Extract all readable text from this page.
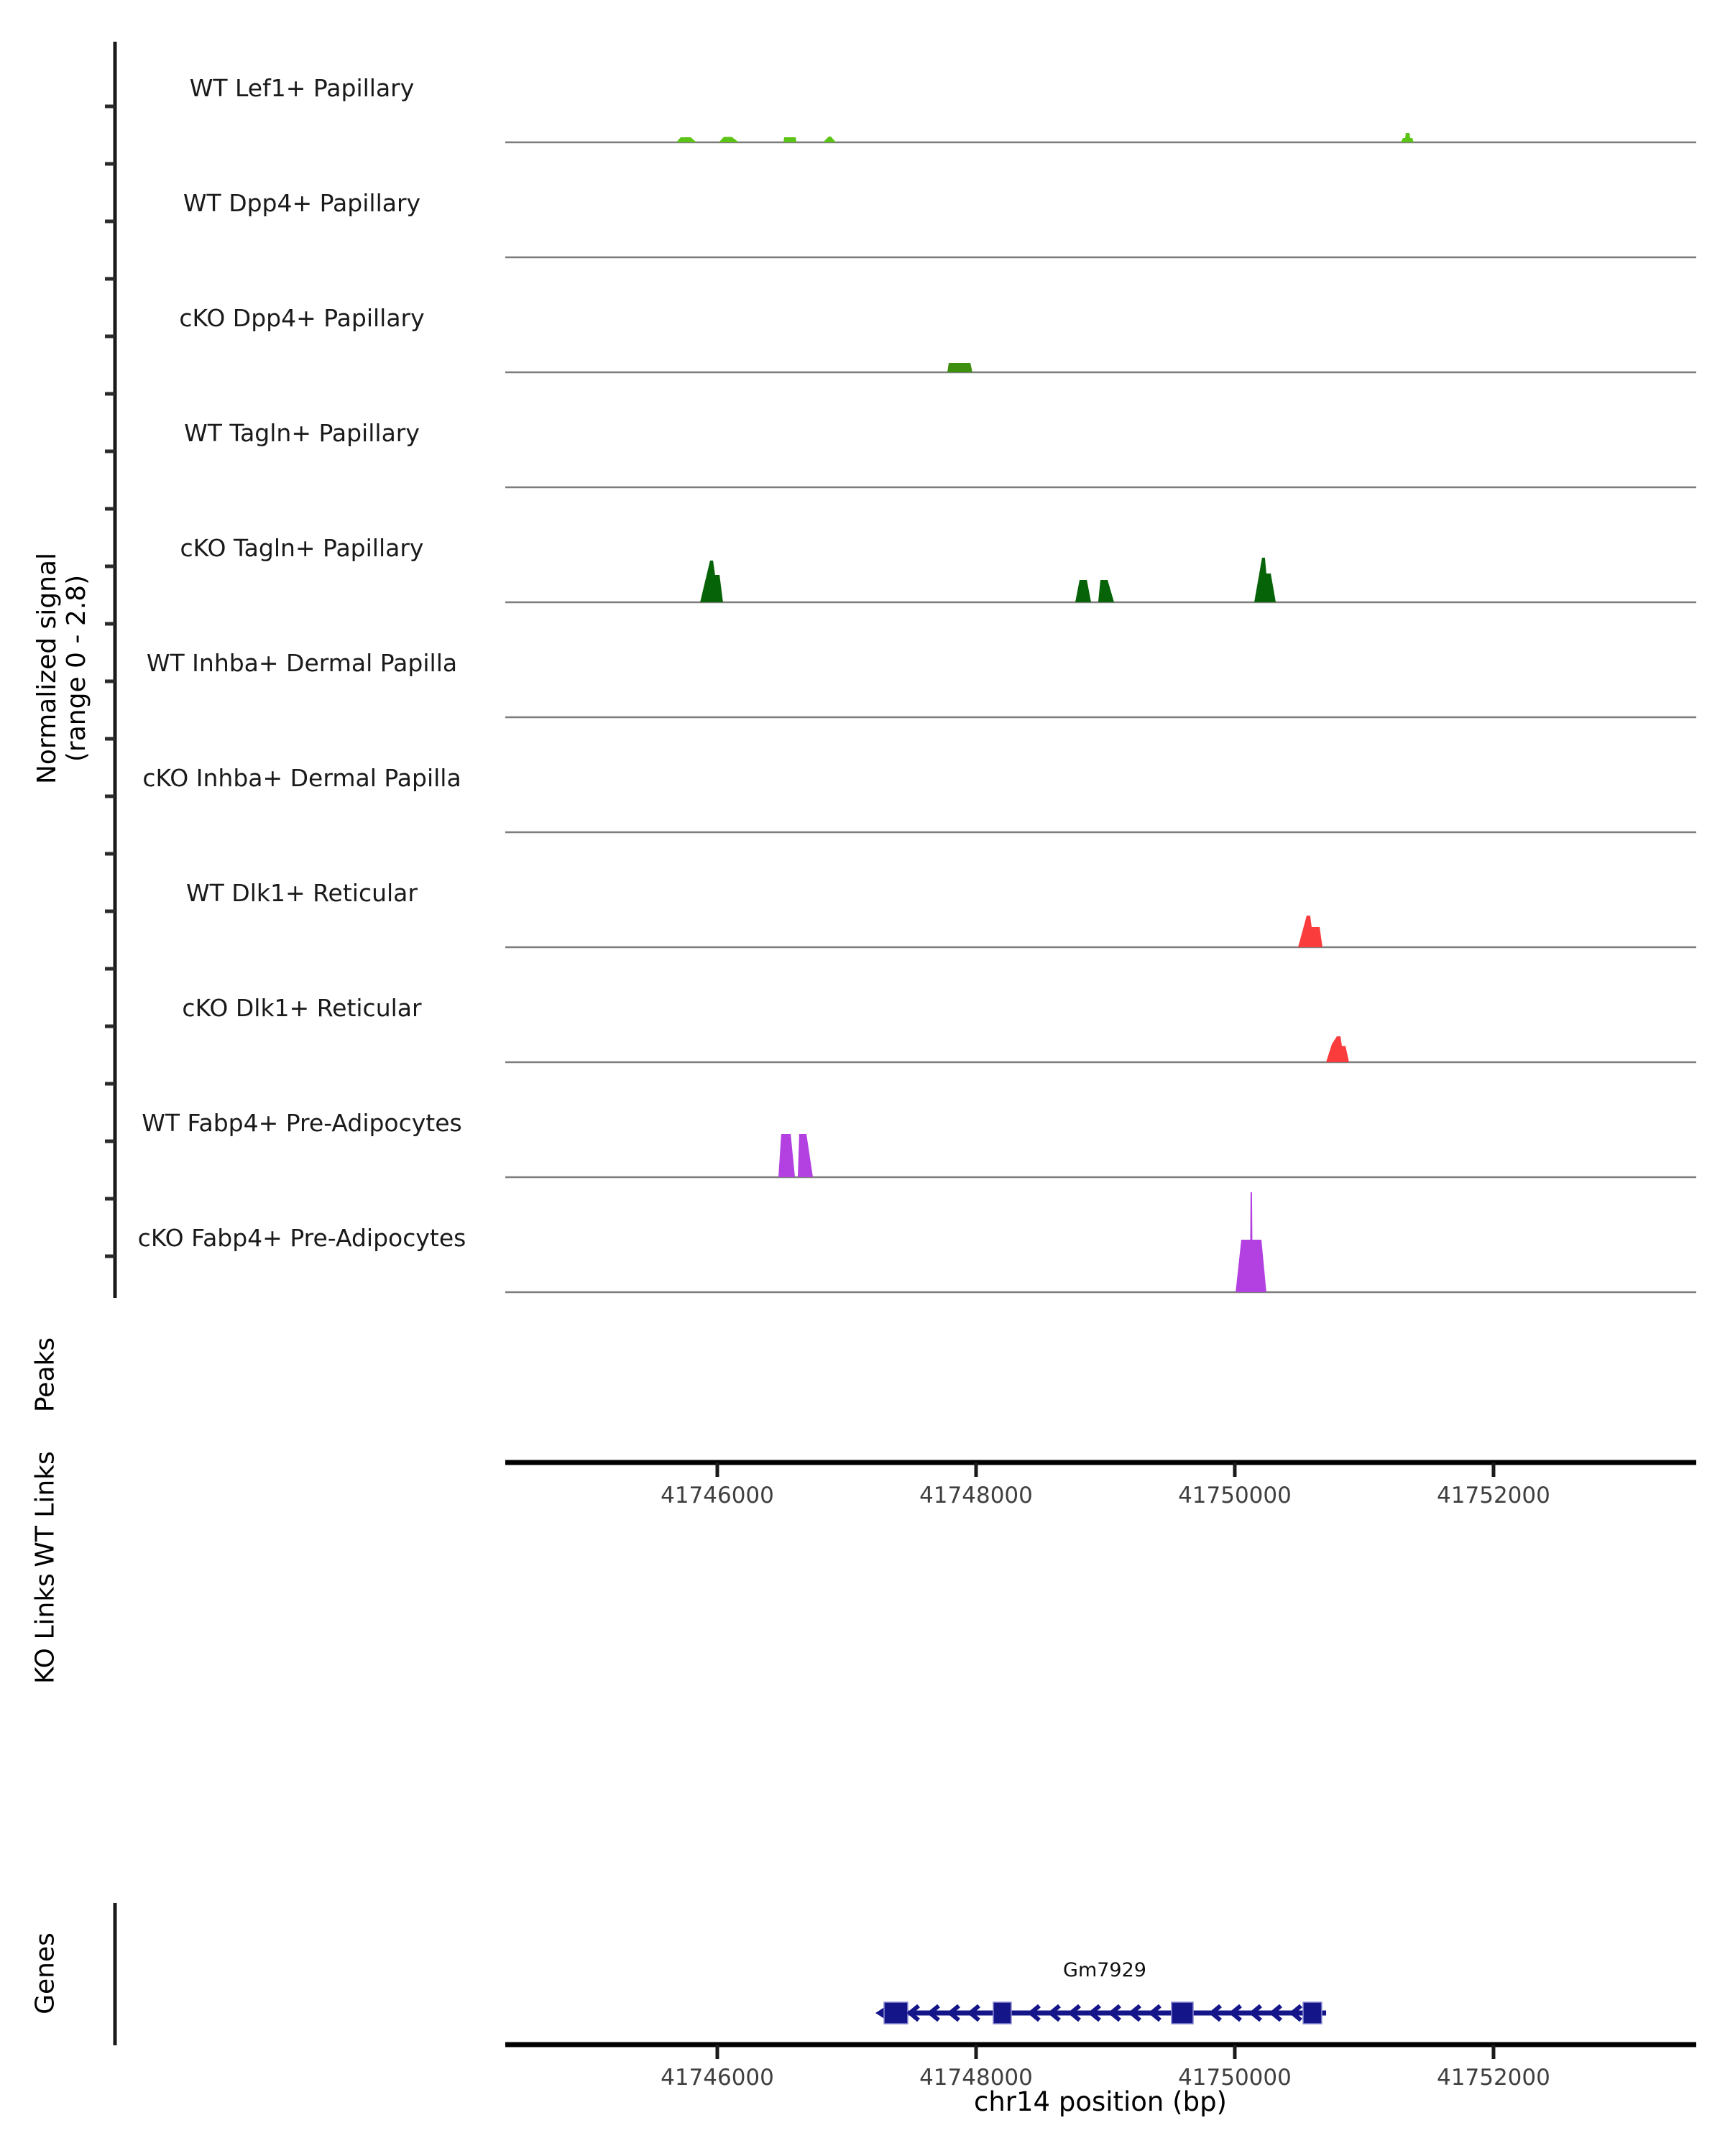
Normalized signal (range 0 - 2.8)
Peaks
WT Links
KO Links
Genes
WT Lef1+ Papillary
WT Dpp4+ Papillary
cKO Dpp4+ Papillary
WT Tagln+ Papillary
cKO Tagln+ Papillary
WT Inhba+ Dermal Papilla
cKO Inhba+ Dermal Papilla
WT Dlk1+ Reticular
cKO Dlk1+ Reticular
WT Fabp4+ Pre-Adipocytes
cKO Fabp4+ Pre-Adipocytes
41746000	41748000	41750000	41752000
41746000	41748000	41750000	41752000
Gm7929
chr14 position (bp)
